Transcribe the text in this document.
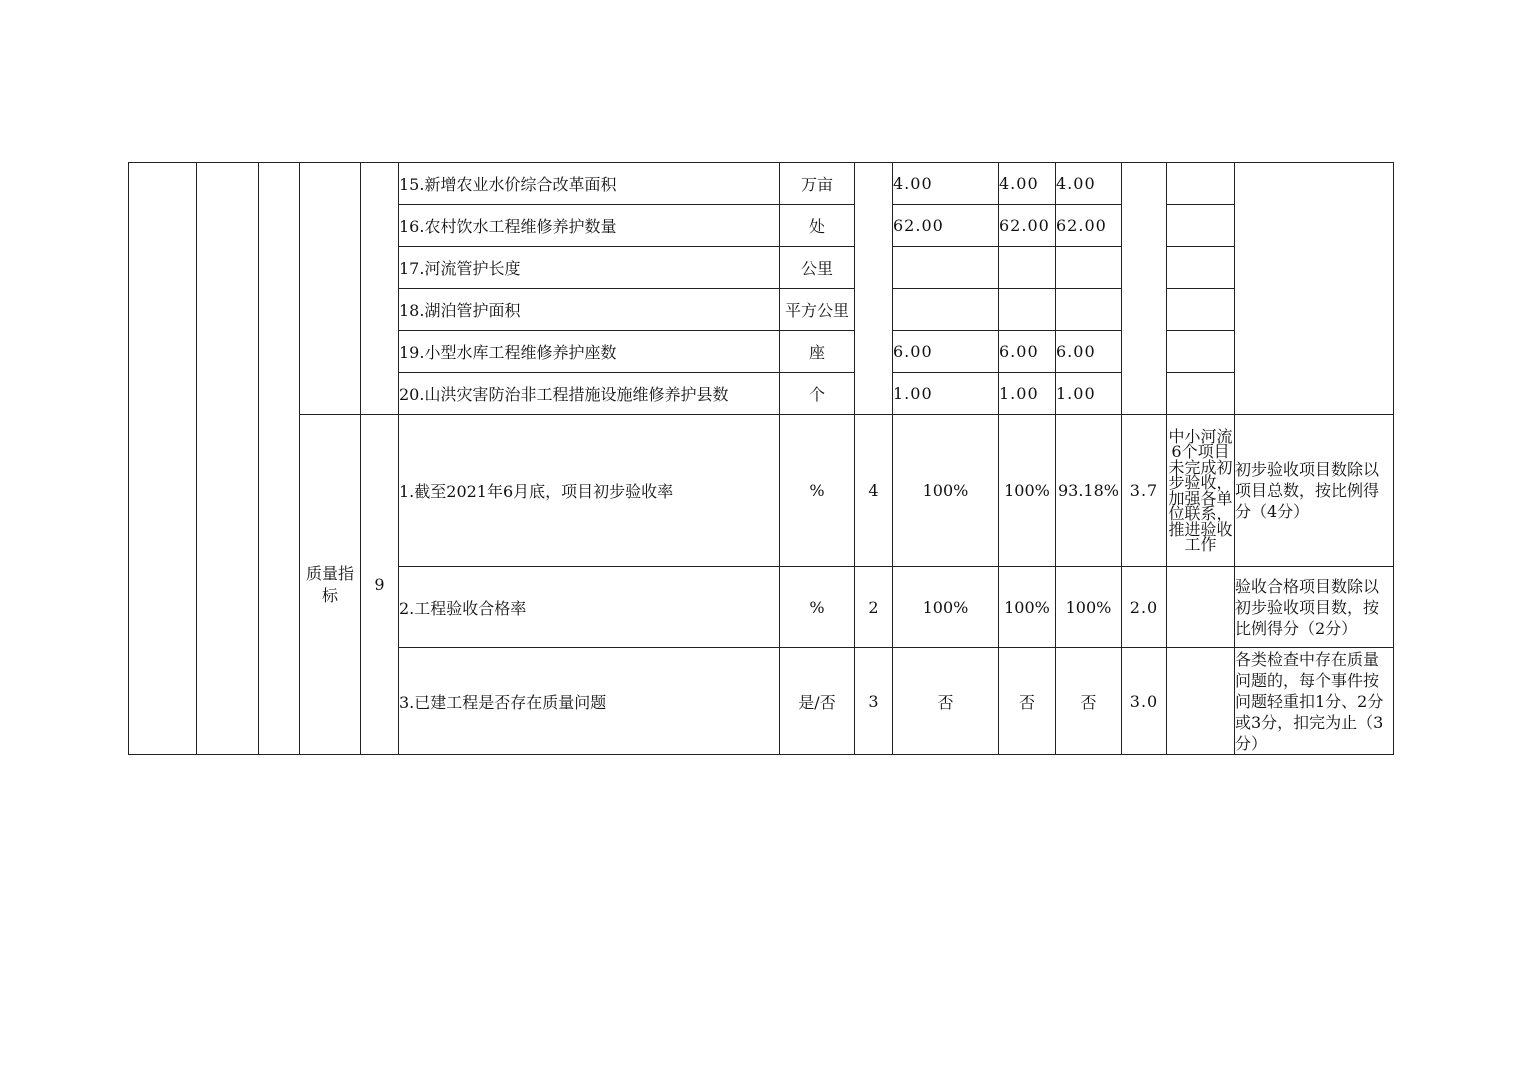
					15.新增农业水价综合改革面积	万亩		4.00	4.00	4.00			
					16.农村饮水工程维修养护数量	处		62.00	62.00	62.00			
					17.河流管护长度	公里							
					18.湖泊管护面积	平方公里							
					19.小型水库工程维修养护座数	座		6.00	6.00	6.00			
					20.山洪灾害防治非工程措施设施维修养护县数	个		1.00	1.00	1.00			
			质量指标	9	1.截至2021年6月底，项目初步验收率	%	4	100%	100%	93.18%	3.7	中小河流6个项目未完成初步验收，加强各单位联系，推进验收工作	初步验收项目数除以项目总数，按比例得分（4分）
					2.工程验收合格率	%	2	100%	100%	100%	2.0		验收合格项目数除以初步验收项目数，按比例得分（2分）
					3.已建工程是否存在质量问题	是/否	3	否	否	否	3.0		各类检查中存在质量问题的，每个事件按问题轻重扣1分、2分或3分，扣完为止（3分）
